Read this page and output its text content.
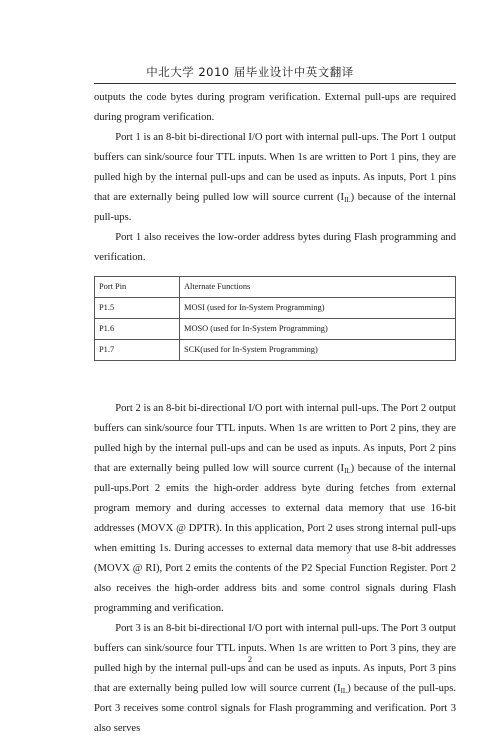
中北大学 2010 届毕业设计中英文翻译

outputs the code bytes during program verification. External pull-ups are required during program verification.

Port 1 is an 8-bit bi-directional I/O port with internal pull-ups. The Port 1 output buffers can sink/source four TTL inputs. When 1s are written to Port 1 pins, they are pulled high by the internal pull-ups and can be used as inputs. As inputs, Port 1 pins that are externally being pulled low will source current $(I_{IL})$ because of the internal pull-ups.

Port 1 also receives the low-order address bytes during Flash programming and verification.

Port Pin	Alternate Functions
P1.5	MOSI (used for In-System Programming)
P1.6	MOSO (used for In-System Programming)
P1.7	SCK(used for In-System Programming)

Port 2 is an 8-bit bi-directional I/O port with internal pull-ups. The Port 2 output buffers can sink/source four TTL inputs. When 1s are written to Port 2 pins, they are pulled high by the internal pull-ups and can be used as inputs. As inputs, Port 2 pins that are externally being pulled low will source current $(I_{IL})$ because of the internal pull-ups.Port 2 emits the high-order address byte during fetches from external program memory and during accesses to external data memory that use 16-bit addresses (MOVX @ DPTR). In this application, Port 2 uses strong internal pull-ups when emitting 1s. During accesses to external data memory that use 8-bit addresses (MOVX @ RI), Port 2 emits the contents of the P2 Special Function Register. Port 2 also receives the high-order address bits and some control signals during Flash programming and verification.

Port 3 is an 8-bit bi-directional I/O port with internal pull-ups. The Port 3 output buffers can sink/source four TTL inputs. When 1s are written to Port 3 pins, they are pulled high by the internal pull-ups and can be used as inputs. As inputs, Port 3 pins that are externally being pulled low will source current $(I_{IL})$ because of the pull-ups. Port 3 receives some control signals for Flash programming and verification. Port 3 also serves

2
